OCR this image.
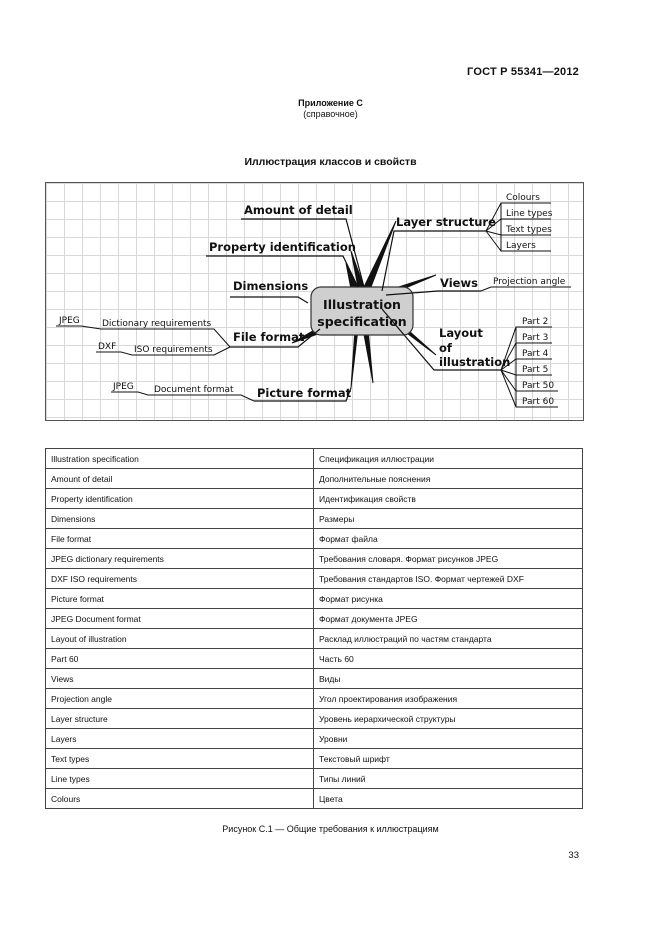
ГОСТ Р 55341—2012
Приложение С
(справочное)
Иллюстрация классов и свойств
Illustration
specification
Amount of detail
Property identification
Dimensions
File format
Picture format
JPEG Dictionary requirements
DXF ISO requirements
JPEG Document format
Layer structure
Views
Layout
of
illustration
Colours
Line types
Text types
Layers
Projection angle
Part 2
Part 3
Part 4
Part 5
Part 50
Part 60
Illustration specification	Спецификация иллюстрации
Amount of detail	Дополнительные пояснения
Property identification	Идентификация свойств
Dimensions	Размеры
File format	Формат файла
JPEG dictionary requirements	Требования словаря. Формат рисунков JPEG
DXF ISO requirements	Требования стандартов ISO. Формат чертежей DXF
Picture format	Формат рисунка
JPEG Document format	Формат документа JPEG
Layout of illustration	Расклад иллюстраций по частям стандарта
Part 60	Часть 60
Views	Виды
Projection angle	Угол проектирования изображения
Layer structure	Уровень иерархической структуры
Layers	Уровни
Text types	Текстовый шрифт
Line types	Типы линий
Colours	Цвета
Рисунок С.1 — Общие требования к иллюстрациям
33
